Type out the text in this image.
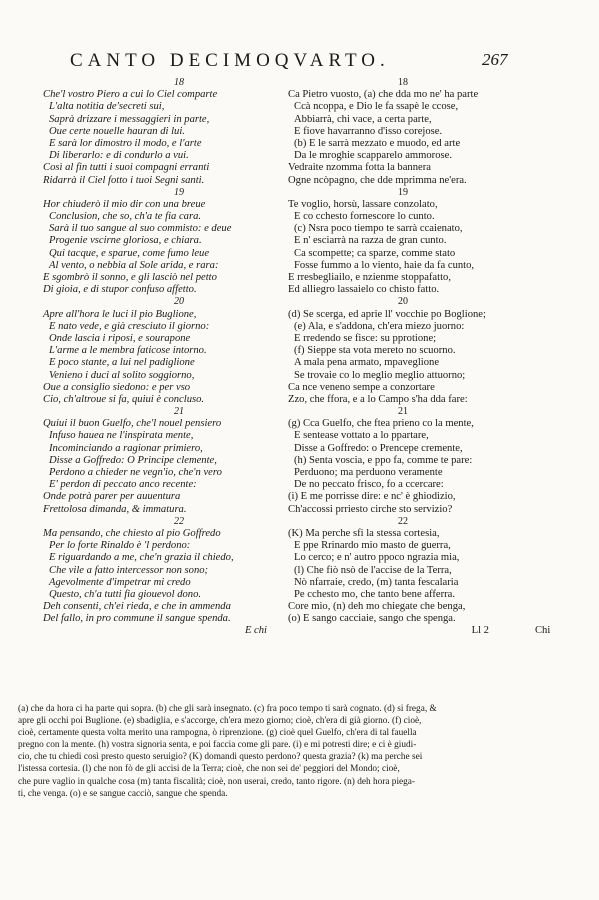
CANTO DECIMOQVARTO.	267
18
Che'l vostro Piero a cui lo Ciel comparte
L'alta notitia de'secreti sui,
Saprà drizzare i messaggieri in parte,
Oue certe nouelle hauran di lui.
E sarà lor dimostro il modo, e l'arte
Di liberarlo: e di condurlo a vui.
Così al fin tutti i suoi compagni erranti
Ridarrà il Ciel fotto i tuoi Segni santi.
19
Hor chiuderò il mio dir con una breue
Conclusion, che so, ch'a te fia cara.
Sarà il tuo sangue al suo commisto: e deue
Progenie vscirne gloriosa, e chiara.
Qui tacque, e sparue, come fumo leue
Al vento, o nebbia al Sole arida, e rara:
E sgombrò il sonno, e gli lasciò nel petto
Di gioia, e di stupor confuso affetto.
20
Apre all'hora le luci il pio Buglione,
E nato vede, e già cresciuto il giorno:
Onde lascia i riposi, e sourapone
L'arme a le membra faticose intorno.
E poco stante, a lui nel padiglione
Venieno i duci al solito soggiorno,
Oue a consiglio siedono: e per vso
Cio, ch'altroue si fa, quiui è concluso.
21
Quiui il buon Guelfo, che'l nouel pensiero
Infuso hauea ne l'inspirata mente,
Incominciando a ragionar primiero,
Disse a Goffredo: O Principe clemente,
Perdono a chieder ne vegn'io, che'n vero
E' perdon di peccato anco recente:
Onde potrà parer per auuentura
Frettolosa dimanda, & immatura.
22
Ma pensando, che chiesto al pio Goffredo
Per lo forte Rinaldo è 'l perdono:
E riguardando a me, che'n grazia il chiedo,
Che vile a fatto intercessor non sono;
Agevolmente d'impetrar mi credo
Questo, ch'a tutti fia giouevol dono.
Deh consenti, ch'ei rieda, e che in ammenda
Del fallo, in pro commune il sangue spenda.
E chi
18
Ca Pietro vuosto, (a) che dda mo ne' ha parte
Ccà ncoppa, e Dio le fa ssapè le ccose,
Abbiarrà, chi vace, a certa parte,
E fiove havarranno d'isso corejose.
(b) E le sarrà mezzato e muodo, ed arte
Da le mroghie scapparelo ammorose.
Vedraite nzomma fotta la bannera
Ogne ncòpagno, che dde mprimma ne'era.
19
Te voglio, horsù, lassare conzolato,
E co cchesto fornescore lo cunto.
(c) Nsra poco tiempo te sarrà ccaienato,
E n' esciarrà na razza de gran cunto.
Ca scompette; ca sparze, comme stato
Fosse fummo a lo viento, haie da fa cunto,
E rresbegliailo, e nzienme stoppafatto,
Ed alliegro lassaielo co chisto fatto.
20
(d) Se scerga, ed aprie ll' vocchie po Boglione;
(e) Ala, e s'addona, ch'era miezo juorno:
E rredendo se fisce: su pprotione;
(f) Sieppe sta vota mereto no scuorno.
A mala pena armato, mpaveglione
Se trovaie co lo meglio meglio attuorno;
Ca nce veneno sempe a conzortare
Zzo, che ffora, e a lo Campo s'ha dda fare:
21
(g) Cca Guelfo, che ftea prieno co la mente,
E sentease vottato a lo ppartare,
Disse a Goffredo: o Prencepe cremente,
(h) Senta voscia, e ppo fa, comme te pare:
Perduono; ma perduono veramente
De no peccato frisco, fo a ccercare:
(i) E me porrisse dire: e nc' è ghiodizio,
Ch'accossi prriesto cirche sto servizio?
22
(K) Ma perche sfi la stessa cortesia,
E ppe Rrinardo mio masto de guerra,
Lo cerco; e n' autro ppoco ngrazia mia,
(l) Che fiò nsò de l'accise de la Terra,
Nò nfarraie, credo, (m) tanta fescalaria
Pe cchesto mo, che tanto bene afferra.
Core mio, (n) deh mo chiegate che benga,
(o) E sango cacciaie, sango che spenga.
Ll 2	Chi
(a) che da hora ci ha parte qui sopra. (b) che gli sarà insegnato. (c) fra poco tempo ti sarà cognato. (d) si frega, &
apre gli occhi poi Buglione. (e) sbadiglia, e s'accorge, ch'era mezo giorno; cioè, ch'era di già giorno. (f) cioè,
cioè, certamente questa volta merito una rampogna, ò riprenzione. (g) cioè quel Guelfo, ch'era di tal fauella
pregno con la mente. (h) vostra signoria senta, e poi faccia come gli pare. (i) e mi potresti dire; e ci è giudi-
cio, che tu chiedi così presto questo seruigio? (K) domandi questo perdono? questa grazia? (k) ma perche sei
l'istessa cortesia. (l) che non fò de gli accisi de la Terra; cioè, che non sei de' peggiori del Mondo; cioè,
che pure vaglio in qualche cosa (m) tanta fiscalità; cioè, non userai, credo, tanto rigore. (n) deh hora piega-
ti, che venga. (o) e se sangue cacciò, sangue che spenda.
